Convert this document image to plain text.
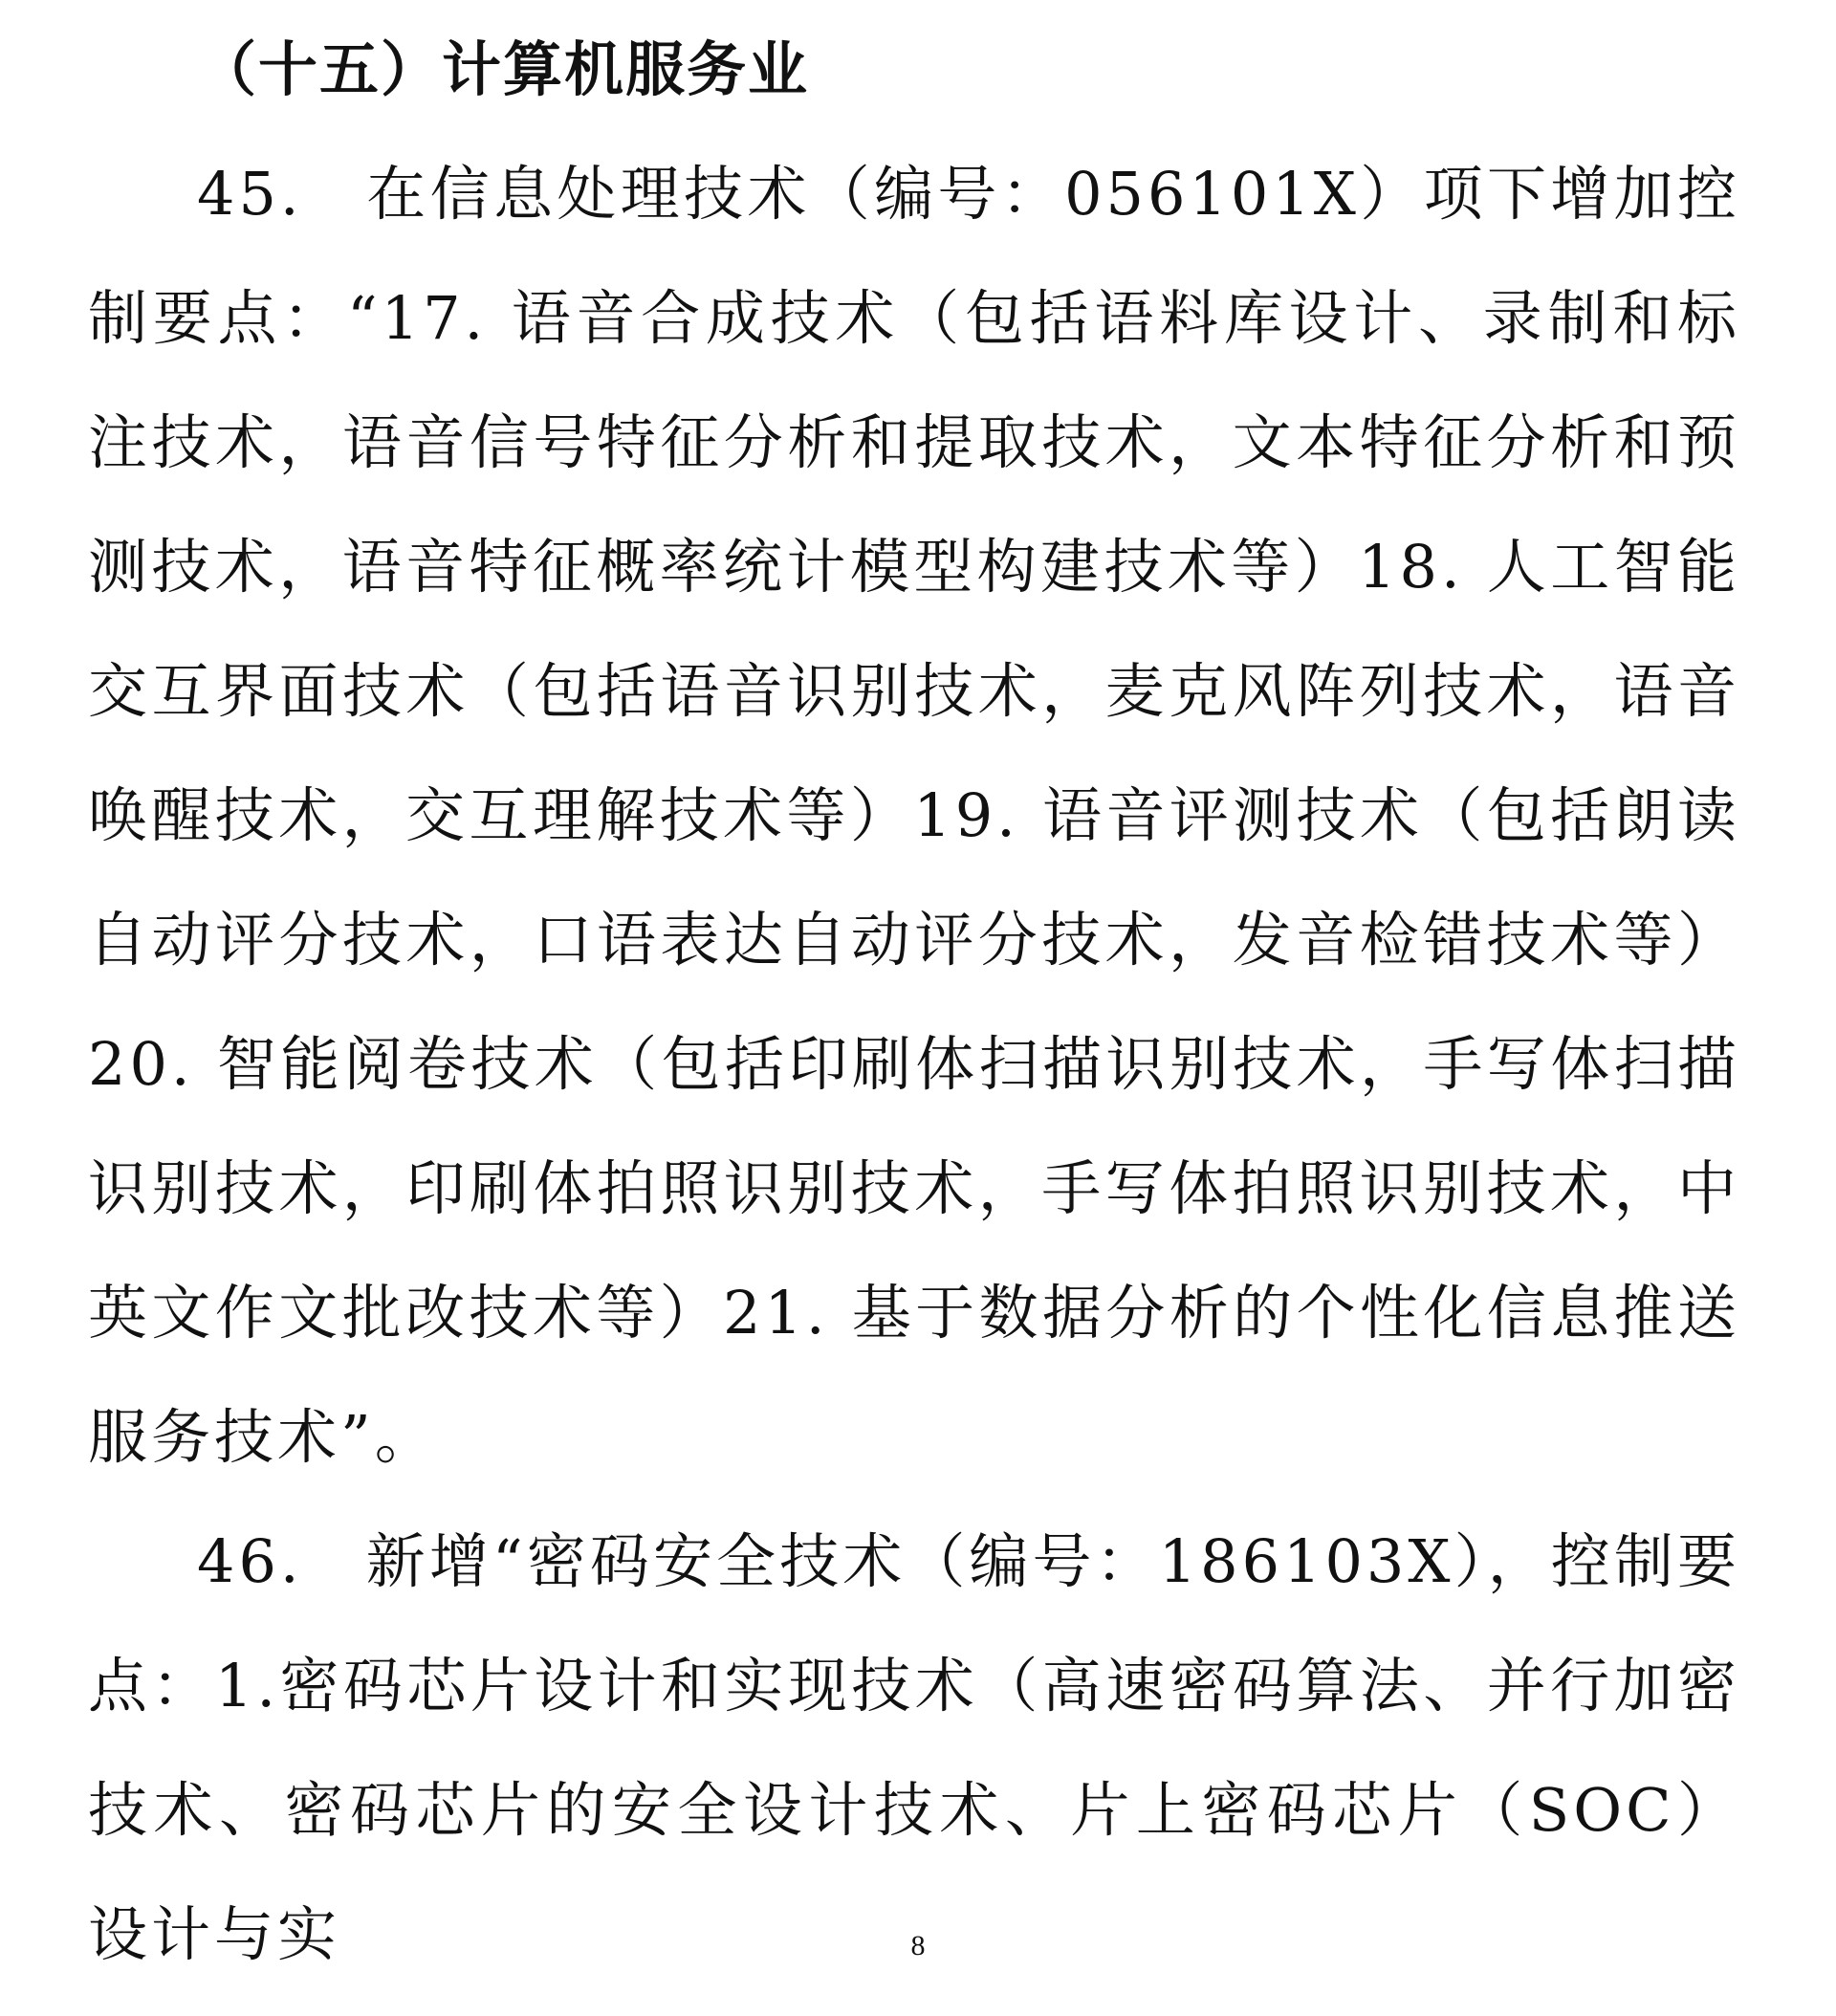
（十五）计算机服务业

45.　在信息处理技术（编号：056101X）项下增加控制要点：“17. 语音合成技术（包括语料库设计、录制和标注技术，语音信号特征分析和提取技术，文本特征分析和预测技术，语音特征概率统计模型构建技术等）18. 人工智能交互界面技术（包括语音识别技术，麦克风阵列技术，语音唤醒技术，交互理解技术等）19. 语音评测技术（包括朗读自动评分技术，口语表达自动评分技术，发音检错技术等）20. 智能阅卷技术（包括印刷体扫描识别技术，手写体扫描识别技术，印刷体拍照识别技术，手写体拍照识别技术，中英文作文批改技术等）21. 基于数据分析的个性化信息推送服务技术”。

46.　新增“密码安全技术（编号：186103X），控制要点：1.密码芯片设计和实现技术（高速密码算法、并行加密技术、密码芯片的安全设计技术、片上密码芯片（SOC）设计与实	8
